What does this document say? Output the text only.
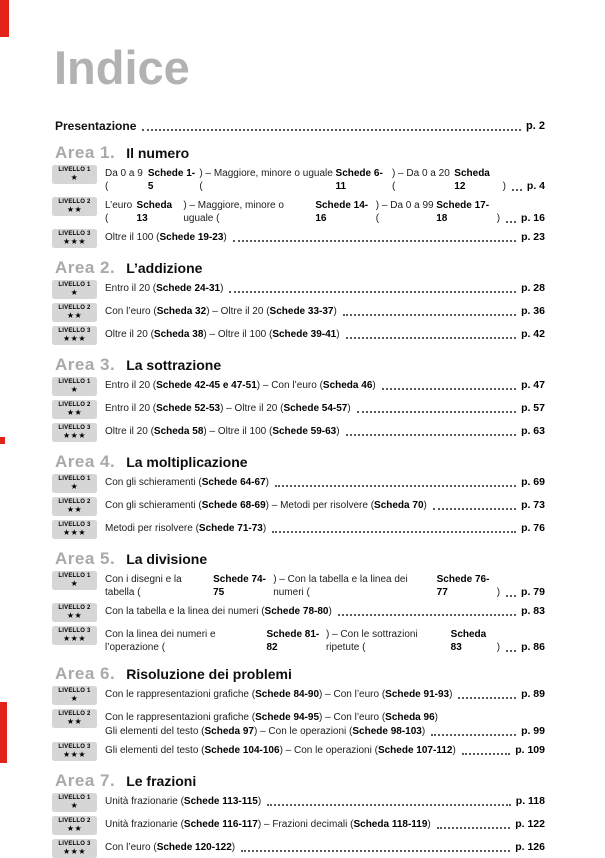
Indice
Presentazione	p. 2
Area 1. Il numero
LIVELLO 1
★	Da 0 a 9 (
Schede 1-5
) – Maggiore, minore o uguale (
Schede 6-11
) – Da 0 a 20 (
Scheda 12	) p. 4
LIVELLO 2
★★ L’euro (
Scheda 13
) – Maggiore, minore o uguale (
Schede 14-16
) – Da 0 a 99 (
Schede 17-18	) p. 16
LIVELLO 3
★★★ Oltre il 100 ( Schede 19-23 )	p. 23
Area 2. L’addizione
LIVELLO 1
★	Entro il 20 ( Schede 24-31 )	p. 28
LIVELLO 2
★★ Con l’euro ( Scheda 32 ) – Oltre il 20 ( Schede 33-37 )	p. 36
LIVELLO 3
★★★ Oltre il 20 ( Scheda 38 ) – Oltre il 100 ( Schede 39-41 )	p. 42
Area 3. La sottrazione
LIVELLO 1
★	Entro il 20 ( Schede 42-45 e 47-51 ) – Con l’euro ( Scheda 46 )	p. 47
LIVELLO 2
★★ Entro il 20 ( Schede 52-53 ) – Oltre il 20 ( Schede 54-57 )	p. 57
LIVELLO 3
★★★ Oltre il 20 ( Scheda 58 ) – Oltre il 100 ( Schede 59-63 )	p. 63
Area 4. La moltiplicazione
LIVELLO 1
★	Con gli schieramenti ( Schede 64-67 )	p. 69
LIVELLO 2
★★ Con gli schieramenti ( Schede 68-69 ) – Metodi per risolvere ( Scheda 70 )	p. 73
LIVELLO 3
★★★ Metodi per risolvere ( Schede 71-73 )	p. 76
Area 5. La divisione
LIVELLO 1
★	Con i disegni e la tabella (
Schede 74-75
) – Con la tabella e la linea dei numeri (
Schede 76-77	) p. 79
LIVELLO 2
★★ Con la tabella e la linea dei numeri ( Schede 78-80 )	p. 83
LIVELLO 3
★★★ Con la linea dei numeri e l’operazione (
Schede 81-82
) – Con le sottrazioni ripetute (
Scheda 83	) p. 86
Area 6. Risoluzione dei problemi
LIVELLO 1
★	Con le rappresentazioni grafiche ( Schede 84-90 ) – Con l’euro ( Schede 91-93 )	p. 89
LIVELLO 2
★★ Con le rappresentazioni grafiche ( Schede 94-95 ) – Con l’euro ( Scheda 96 )
Gli elementi del testo ( Scheda 97 ) – Con le operazioni ( Schede 98-103 )	p. 99
LIVELLO 3
★★★ Gli elementi del testo ( Schede 104-106 ) – Con le operazioni ( Schede 107-112 )	p. 109
Area 7. Le frazioni
LIVELLO 1
★	Unità frazionarie ( Schede 113-115 )	p. 118
LIVELLO 2
★★ Unità frazionarie ( Schede 116-117 ) – Frazioni decimali ( Scheda 118-119 )	p. 122
LIVELLO 3
★★★ Con l’euro ( Schede 120-122 )	p. 126
